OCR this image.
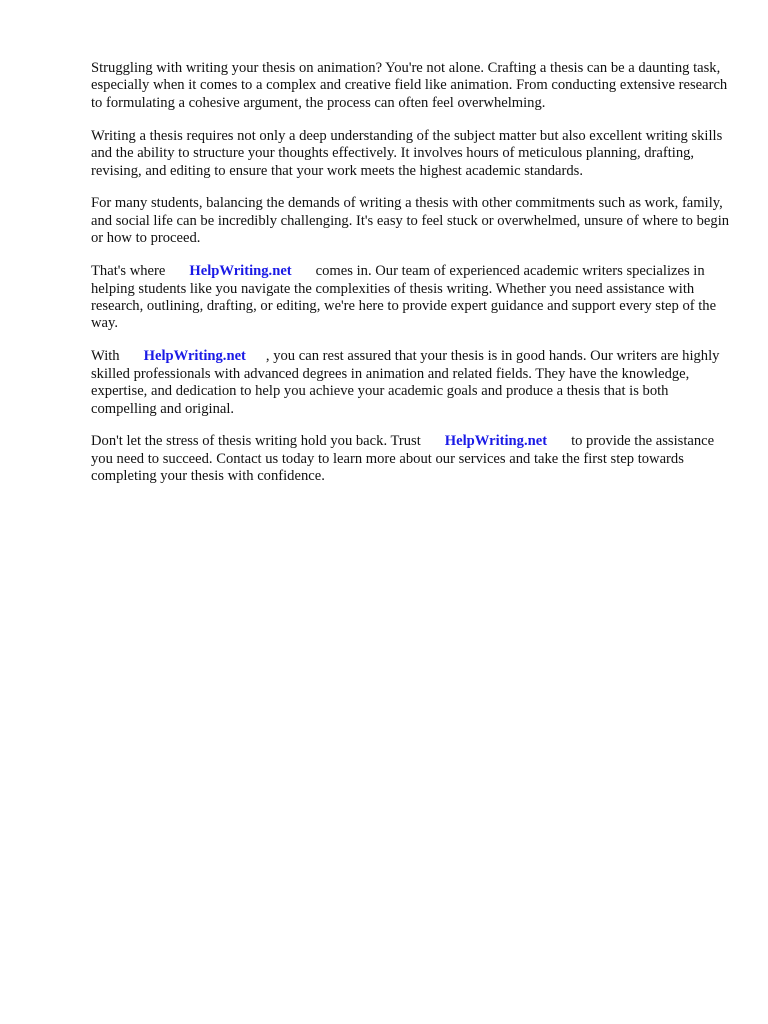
Struggling with writing your thesis on animation? You're not alone. Crafting a thesis can be a daunting task, especially when it comes to a complex and creative field like animation. From conducting extensive research to formulating a cohesive argument, the process can often feel overwhelming.

Writing a thesis requires not only a deep understanding of the subject matter but also excellent writing skills and the ability to structure your thoughts effectively. It involves hours of meticulous planning, drafting, revising, and editing to ensure that your work meets the highest academic standards.

For many students, balancing the demands of writing a thesis with other commitments such as work, family, and social life can be incredibly challenging. It's easy to feel stuck or overwhelmed, unsure of where to begin or how to proceed.

That's where HelpWriting.net comes in. Our team of experienced academic writers specializes in helping students like you navigate the complexities of thesis writing. Whether you need assistance with research, outlining, drafting, or editing, we're here to provide expert guidance and support every step of the way.

With HelpWriting.net , you can rest assured that your thesis is in good hands. Our writers are highly skilled professionals with advanced degrees in animation and related fields. They have the knowledge, expertise, and dedication to help you achieve your academic goals and produce a thesis that is both compelling and original.

Don't let the stress of thesis writing hold you back. Trust HelpWriting.net to provide the assistance you need to succeed. Contact us today to learn more about our services and take the first step towards completing your thesis with confidence.
